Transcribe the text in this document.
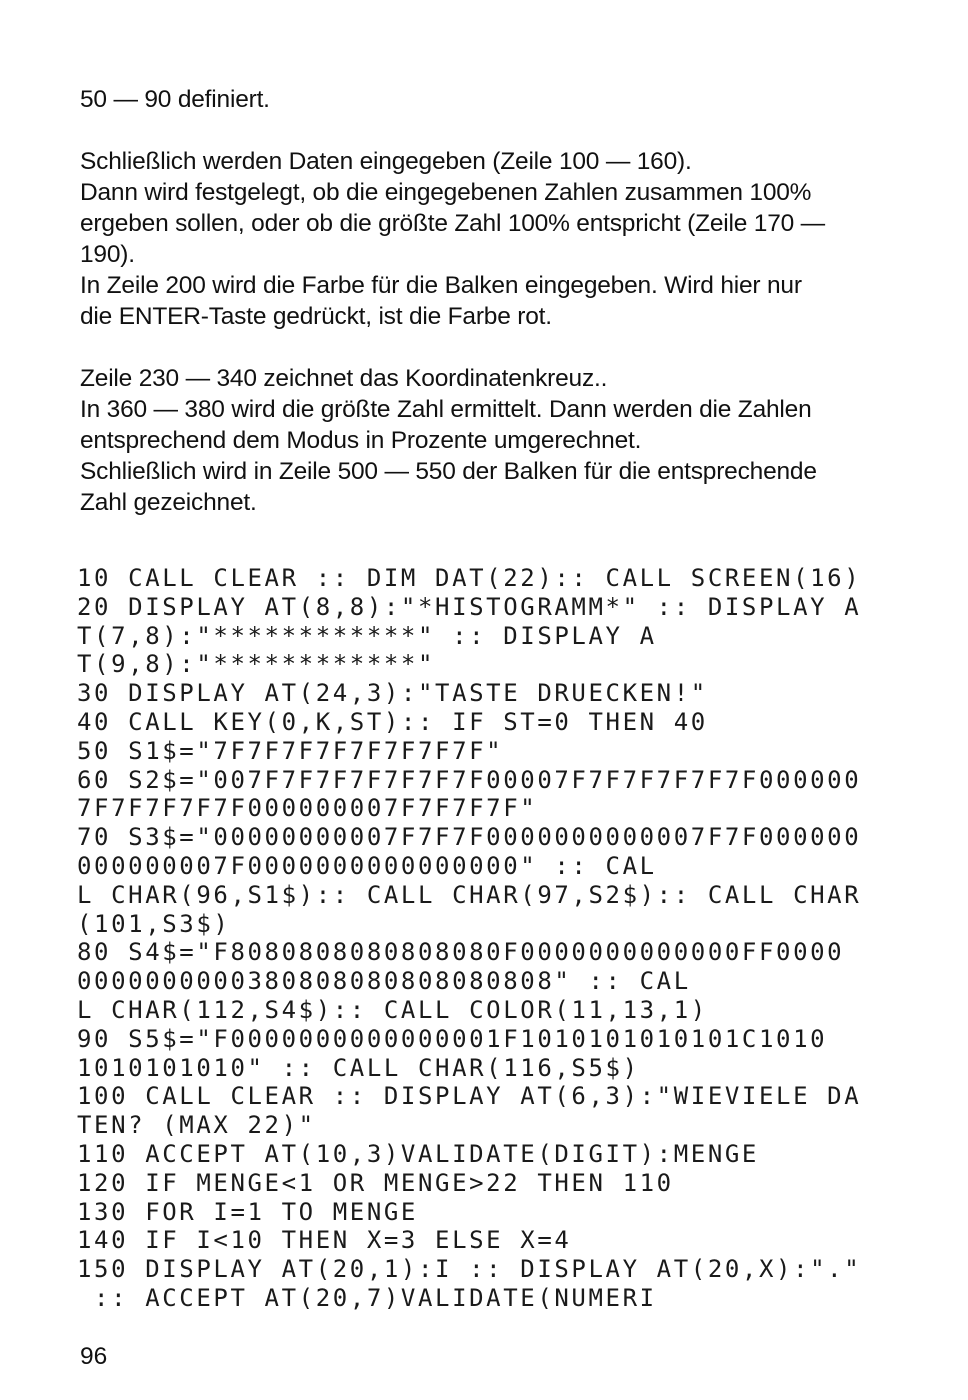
50 — 90 definiert.
Schließlich werden Daten eingegeben (Zeile 100 — 160).
Dann wird festgelegt, ob die eingegebenen Zahlen zusammen 100%
ergeben sollen, oder ob die größte Zahl 100% entspricht (Zeile 170 —
190).
In Zeile 200 wird die Farbe für die Balken eingegeben. Wird hier nur
die ENTER-Taste gedrückt, ist die Farbe rot.
Zeile 230 — 340 zeichnet das Koordinatenkreuz..
In 360 — 380 wird die größte Zahl ermittelt. Dann werden die Zahlen
entsprechend dem Modus in Prozente umgerechnet.
Schließlich wird in Zeile 500 — 550 der Balken für die entsprechende
Zahl gezeichnet.
10 CALL CLEAR :: DIM DAT(22):: CALL SCREEN(16)
20 DISPLAY AT(8,8):"*HISTOGRAMM*" :: DISPLAY A
T(7,8):"************" :: DISPLAY A
T(9,8):"************"
30 DISPLAY AT(24,3):"TASTE DRUECKEN!"
40 CALL KEY(0,K,ST):: IF ST=0 THEN 40
50 S1$="7F7F7F7F7F7F7F7F"
60 S2$="007F7F7F7F7F7F7F00007F7F7F7F7F7F000000
7F7F7F7F7F000000007F7F7F7F"
70 S3$="00000000007F7F7F0000000000007F7F000000
000000007F0000000000000000" :: CAL
L CHAR(96,S1$):: CALL CHAR(97,S2$):: CALL CHAR
(101,S3$)
80 S4$="F8080808080808080F0000000000000FF0000
0000000000380808080808080808" :: CAL
L CHAR(112,S4$):: CALL COLOR(11,13,1)
90 S5$="F0000000000000001F1010101010101C1010
1010101010" :: CALL CHAR(116,S5$)
100 CALL CLEAR :: DISPLAY AT(6,3):"WIEVIELE DA
TEN? (MAX 22)"
110 ACCEPT AT(10,3)VALIDATE(DIGIT):MENGE
120 IF MENGE<1 OR MENGE>22 THEN 110
130 FOR I=1 TO MENGE
140 IF I<10 THEN X=3 ELSE X=4
150 DISPLAY AT(20,1):I :: DISPLAY AT(20,X):"."
:: ACCEPT AT(20,7)VALIDATE(NUMERI
96
